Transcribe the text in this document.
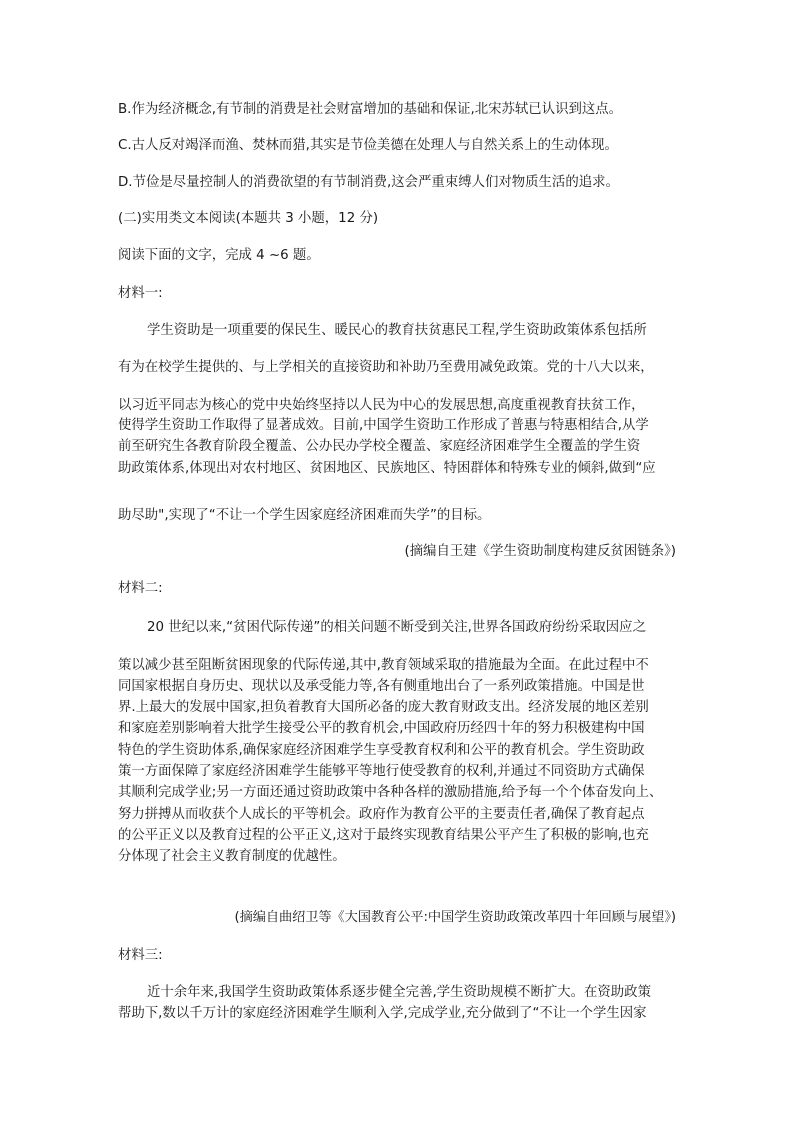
B.作为经济概念,有节制的消费是社会财富增加的基础和保证,北宋苏轼已认识到这点。

C.古人反对竭泽而渔、焚林而猎,其实是节俭美德在处理人与自然关系上的生动体现。

D.节俭是尽量控制人的消费欲望的有节制消费,这会严重束缚人们对物质生活的追求。

(二)实用类文本阅读(本题共 3 小题，12 分)

阅读下面的文字，完成 4 ~6 题。

材料一:

学生资助是一项重要的保民生、暖民心的教育扶贫惠民工程,学生资助政策体系包括所

有为在校学生提供的、与上学相关的直接资助和补助乃至费用减免政策。党的十八大以来，

以习近平同志为核心的党中央始终坚持以人民为中心的发展思想,高度重视教育扶贫工作，

使得学生资助工作取得了显著成效。目前,中国学生资助工作形成了普惠与特惠相结合,从学

前至研究生各教育阶段全覆盖、公办民办学校全覆盖、家庭经济困难学生全覆盖的学生资

助政策体系,体现出对农村地区、贫困地区、民族地区、特困群体和特殊专业的倾斜,做到“应

助尽助",实现了“不让一个学生因家庭经济困难而失学”的目标。

(摘编自王建《学生资助制度构建反贫困链条》)

材料二:

20 世纪以来,“贫困代际传递”的相关问题不断受到关注,世界各国政府纷纷采取因应之

策以减少甚至阻断贫困现象的代际传递,其中,教育领域采取的措施最为全面。在此过程中不

同国家根据自身历史、现状以及承受能力等,各有侧重地出台了一系列政策措施。中国是世

界.上最大的发展中国家,担负着教育大国所必备的庞大教育财政支出。经济发展的地区差别

和家庭差别影响着大批学生接受公平的教育机会,中国政府历经四十年的努力积极建构中国

特色的学生资助体系,确保家庭经济困难学生享受教育权利和公平的教育机会。学生资助政

策一方面保障了家庭经济困难学生能够平等地行使受教育的权利,并通过不同资助方式确保

其顺利完成学业;另一方面还通过资助政策中各种各样的激励措施,给予每一个个体奋发向上、

努力拼搏从而收获个人成长的平等机会。政府作为教育公平的主要责任者,确保了教育起点

的公平正义以及教育过程的公平正义,这对于最终实现教育结果公平产生了积极的影响,也充

分体现了社会主义教育制度的优越性。

(摘编自曲绍卫等《大国教育公平:中国学生资助政策改革四十年回顾与展望》)

材料三:

近十余年来,我国学生资助政策体系逐步健全完善,学生资助规模不断扩大。在资助政策

帮助下,数以千万计的家庭经济困难学生顺利入学,完成学业,充分做到了“不让一个学生因家
